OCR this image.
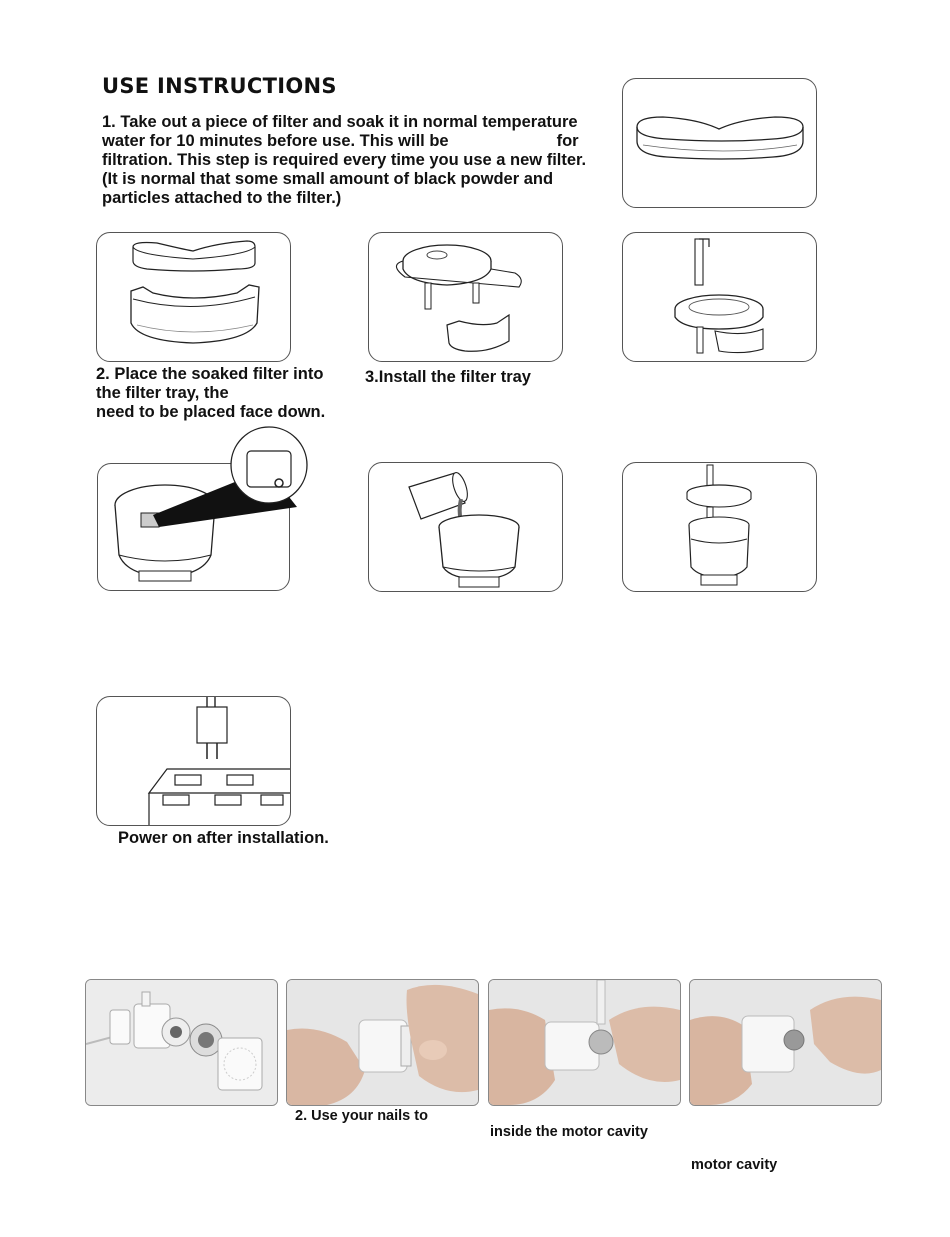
USE INSTRUCTIONS
1. Take out a piece of filter and soak it in normal temperature
water for 10 minutes before use. This will be	for
filtration. This step is required every time you use a new filter.
(It is normal that some small amount of black powder and
particles attached to the filter.)
2. Place the soaked filter into
the filter tray, the
need to be placed face down.
3.Install the filter tray
Power on after installation.
2. Use your nails to
inside the motor cavity
motor cavity
